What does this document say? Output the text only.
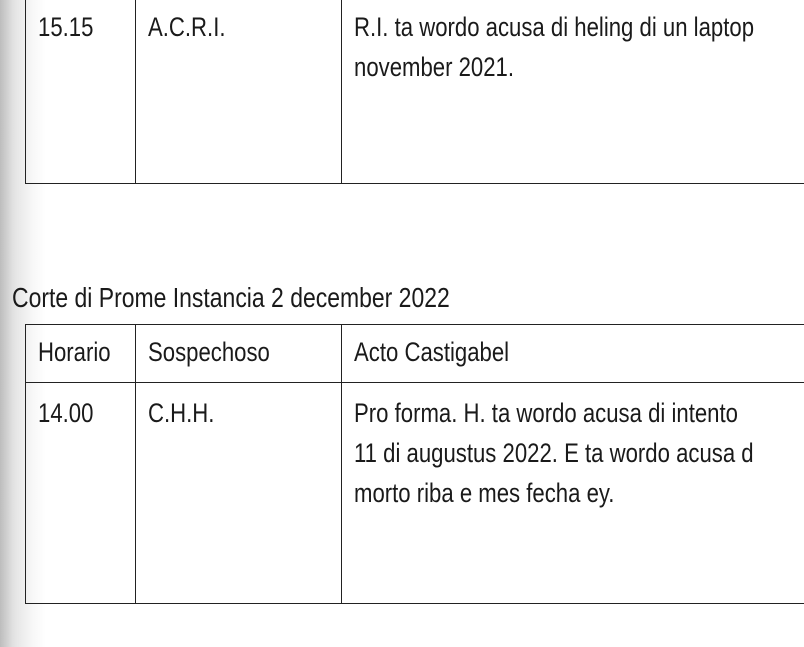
15.15	A.C.R.I.	R.I. ta wordo acusa di heling di un laptop
november 2021.
Corte di Prome Instancia 2 december 2022
Horario	Sospechoso	Acto Castigabel
14.00	C.H.H.	Pro forma. H. ta wordo acusa di intento
11 di augustus 2022. E ta wordo acusa d
morto riba e mes fecha ey.
